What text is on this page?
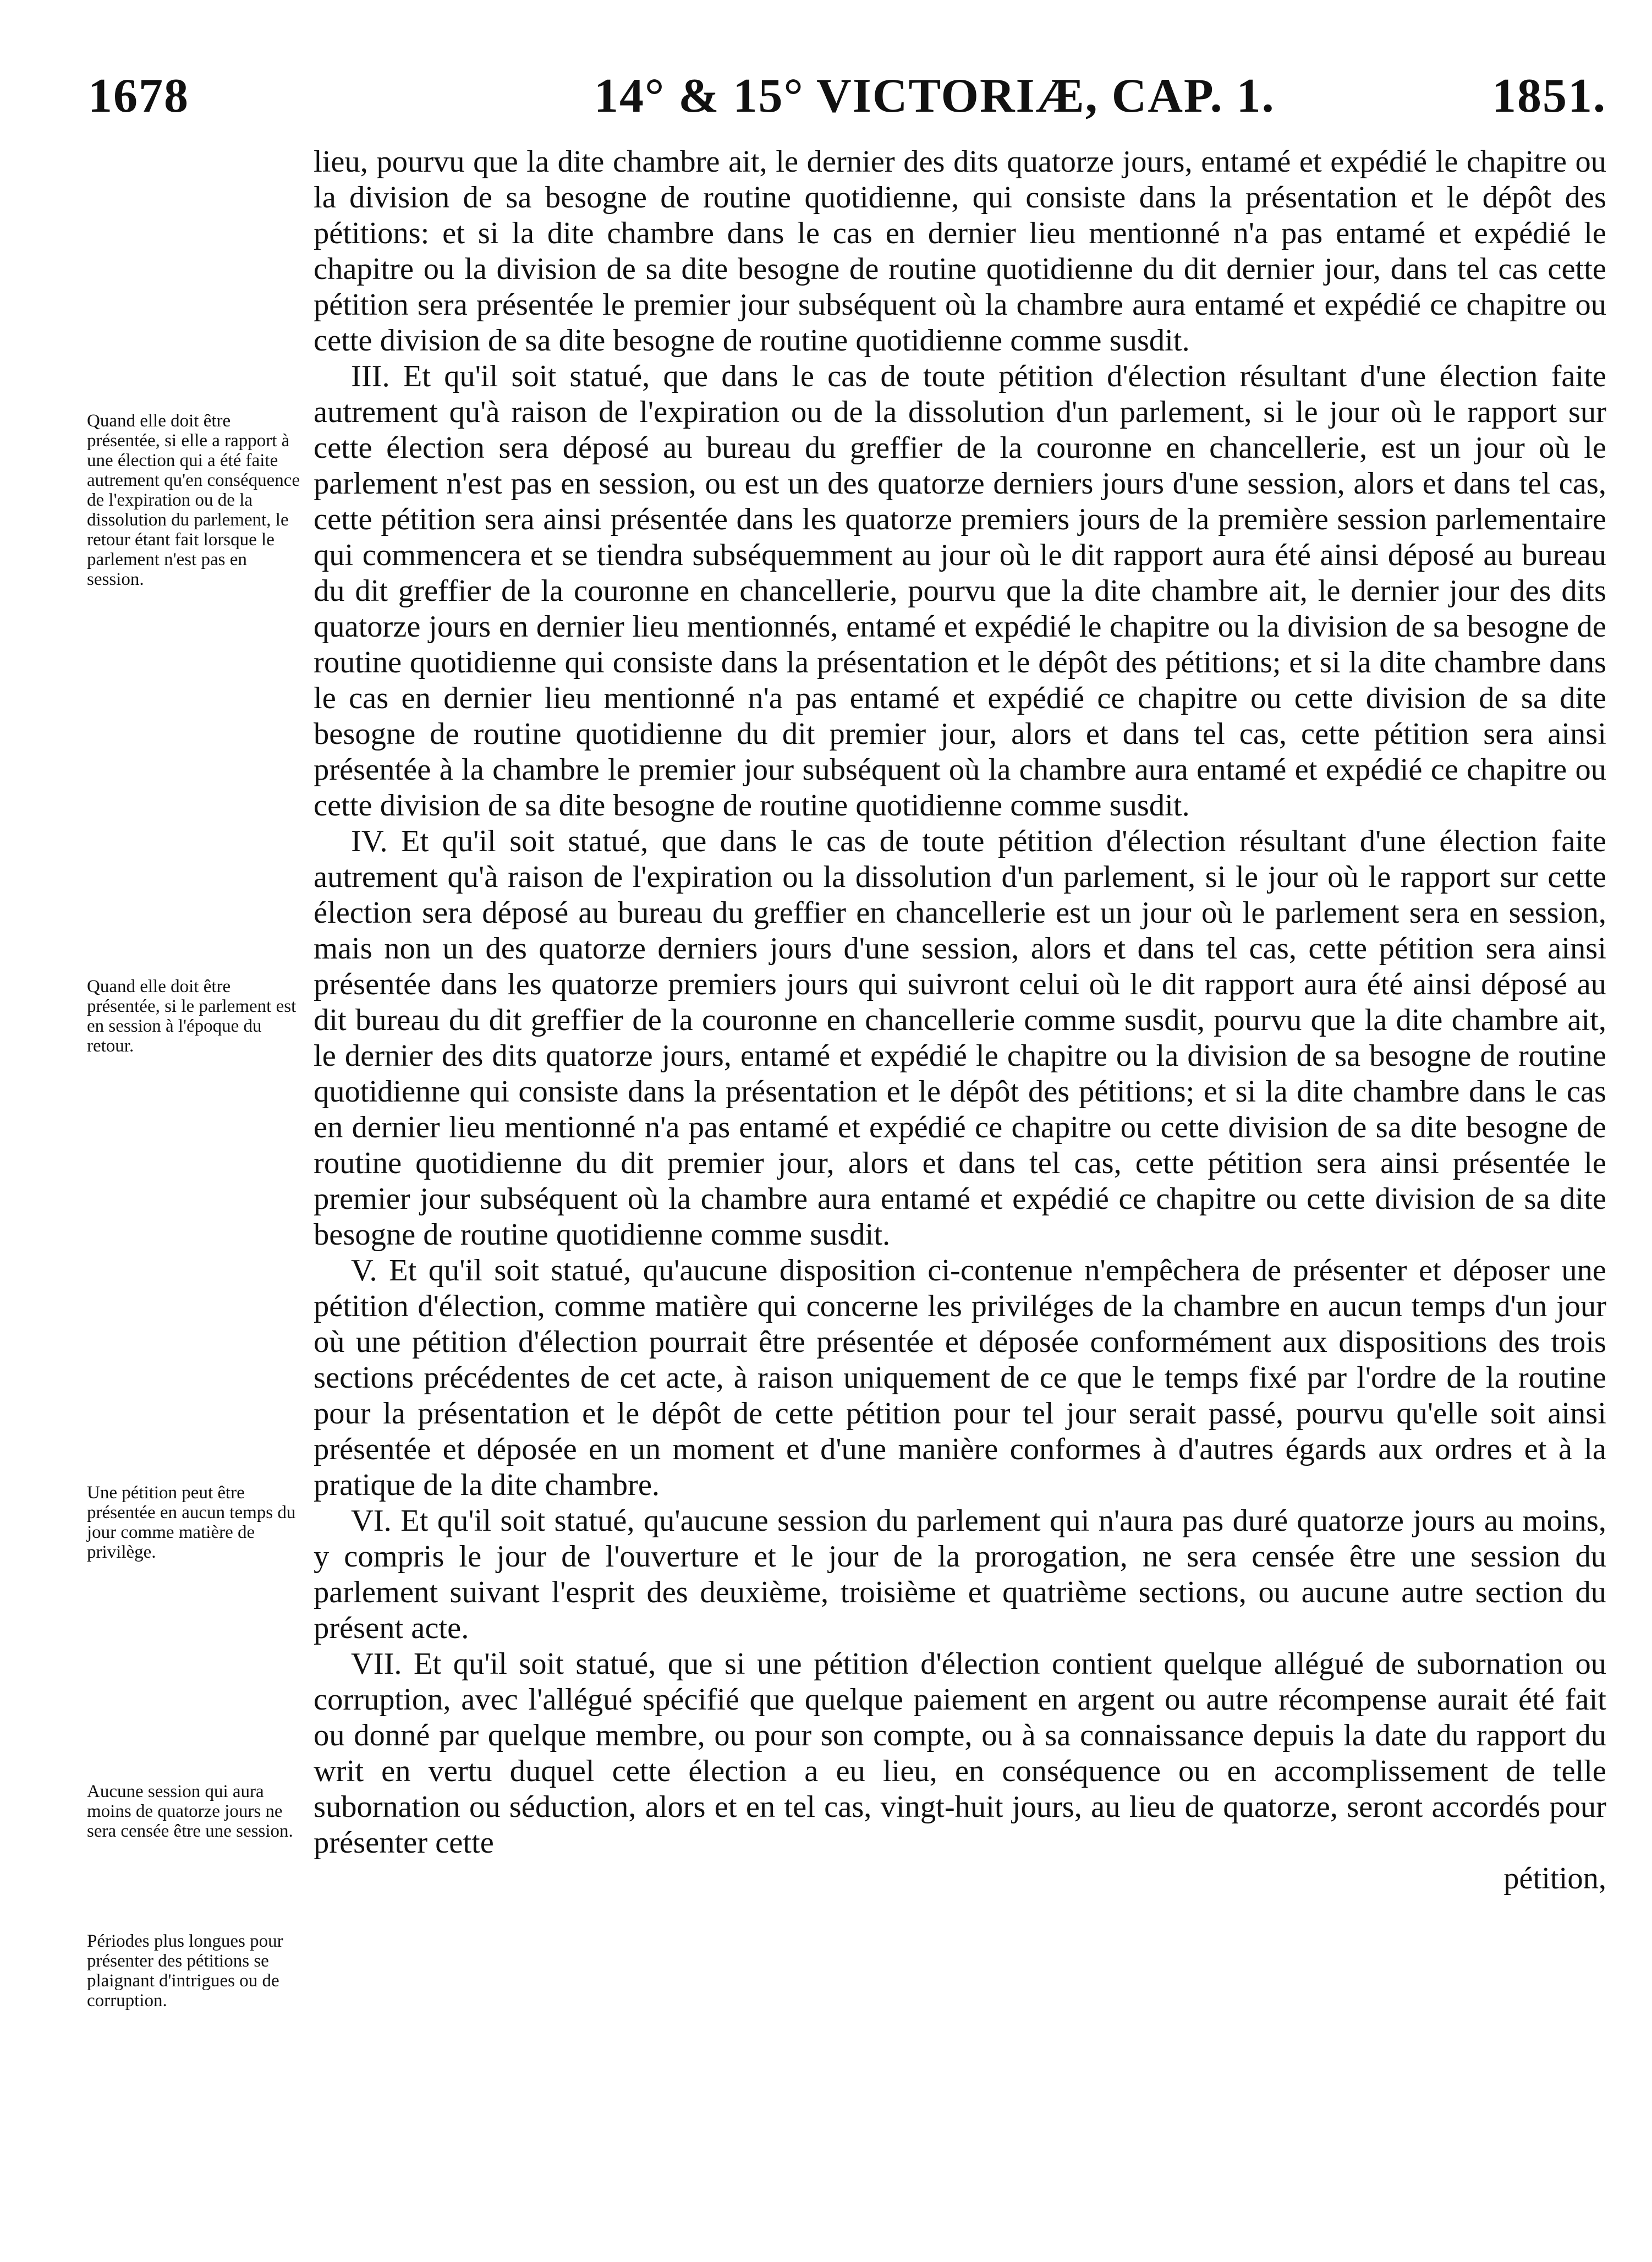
1678	14° & 15° VICTORIÆ, CAP. 1.	1851.

Quand elle doit être présentée, si elle a rapport à une élection qui a été faite autrement qu'en conséquence de l'expiration ou de la dissolution du parlement, le retour étant fait lorsque le parlement n'est pas en session.

Quand elle doit être présentée, si le parlement est en session à l'époque du retour.

Une pétition peut être présentée en aucun temps du jour comme matière de privilège.

Aucune session qui aura moins de quatorze jours ne sera censée être une session.

Périodes plus longues pour présenter des pétitions se plaignant d'intrigues ou de corruption.

lieu, pourvu que la dite chambre ait, le dernier des dits quatorze jours, entamé et expédié le chapitre ou la division de sa besogne de routine quotidienne, qui consiste dans la présentation et le dépôt des pétitions: et si la dite chambre dans le cas en dernier lieu mentionné n'a pas entamé et expédié le chapitre ou la division de sa dite besogne de routine quotidienne du dit dernier jour, dans tel cas cette pétition sera présentée le premier jour subséquent où la chambre aura entamé et expédié ce chapitre ou cette division de sa dite besogne de routine quotidienne comme susdit.

III. Et qu'il soit statué, que dans le cas de toute pétition d'élection résultant d'une élection faite autrement qu'à raison de l'expiration ou de la dissolution d'un parlement, si le jour où le rapport sur cette élection sera déposé au bureau du greffier de la couronne en chancellerie, est un jour où le parlement n'est pas en session, ou est un des quatorze derniers jours d'une session, alors et dans tel cas, cette pétition sera ainsi présentée dans les quatorze premiers jours de la première session parlementaire qui commencera et se tiendra subséquemment au jour où le dit rapport aura été ainsi déposé au bureau du dit greffier de la couronne en chancellerie, pourvu que la dite chambre ait, le dernier jour des dits quatorze jours en dernier lieu mentionnés, entamé et expédié le chapitre ou la division de sa besogne de routine quotidienne qui consiste dans la présentation et le dépôt des pétitions; et si la dite chambre dans le cas en dernier lieu mentionné n'a pas entamé et expédié ce chapitre ou cette division de sa dite besogne de routine quotidienne du dit premier jour, alors et dans tel cas, cette pétition sera ainsi présentée à la chambre le premier jour subséquent où la chambre aura entamé et expédié ce chapitre ou cette division de sa dite besogne de routine quotidienne comme susdit.

IV. Et qu'il soit statué, que dans le cas de toute pétition d'élection résultant d'une élection faite autrement qu'à raison de l'expiration ou la dissolution d'un parlement, si le jour où le rapport sur cette élection sera déposé au bureau du greffier en chancellerie est un jour où le parlement sera en session, mais non un des quatorze derniers jours d'une session, alors et dans tel cas, cette pétition sera ainsi présentée dans les quatorze premiers jours qui suivront celui où le dit rapport aura été ainsi déposé au dit bureau du dit greffier de la couronne en chancellerie comme susdit, pourvu que la dite chambre ait, le dernier des dits quatorze jours, entamé et expédié le chapitre ou la division de sa besogne de routine quotidienne qui consiste dans la présentation et le dépôt des pétitions; et si la dite chambre dans le cas en dernier lieu mentionné n'a pas entamé et expédié ce chapitre ou cette division de sa dite besogne de routine quotidienne du dit premier jour, alors et dans tel cas, cette pétition sera ainsi présentée le premier jour subséquent où la chambre aura entamé et expédié ce chapitre ou cette division de sa dite besogne de routine quotidienne comme susdit.

V. Et qu'il soit statué, qu'aucune disposition ci-contenue n'empêchera de présenter et déposer une pétition d'élection, comme matière qui concerne les priviléges de la chambre en aucun temps d'un jour où une pétition d'élection pourrait être présentée et déposée conformément aux dispositions des trois sections précédentes de cet acte, à raison uniquement de ce que le temps fixé par l'ordre de la routine pour la présentation et le dépôt de cette pétition pour tel jour serait passé, pourvu qu'elle soit ainsi présentée et déposée en un moment et d'une manière conformes à d'autres égards aux ordres et à la pratique de la dite chambre.

VI. Et qu'il soit statué, qu'aucune session du parlement qui n'aura pas duré quatorze jours au moins, y compris le jour de l'ouverture et le jour de la prorogation, ne sera censée être une session du parlement suivant l'esprit des deuxième, troisième et quatrième sections, ou aucune autre section du présent acte.

VII. Et qu'il soit statué, que si une pétition d'élection contient quelque allégué de subornation ou corruption, avec l'allégué spécifié que quelque paiement en argent ou autre récompense aurait été fait ou donné par quelque membre, ou pour son compte, ou à sa connaissance depuis la date du rapport du writ en vertu duquel cette élection a eu lieu, en conséquence ou en accomplissement de telle subornation ou séduction, alors et en tel cas, vingt-huit jours, au lieu de quatorze, seront accordés pour présenter cette

pétition,
